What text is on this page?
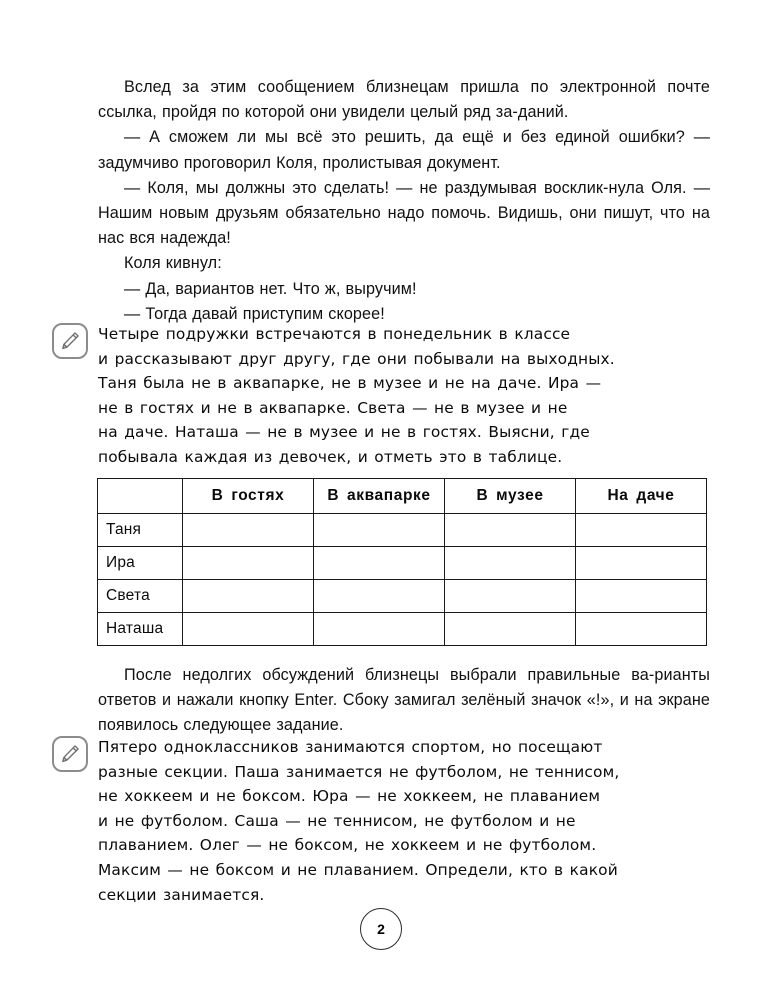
Вслед за этим сообщением близнецам пришла по электронной почте ссылка, пройдя по которой они увидели целый ряд за-даний.

— А сможем ли мы всё это решить, да ещё и без единой ошибки? — задумчиво проговорил Коля, пролистывая документ.

— Коля, мы должны это сделать! — не раздумывая восклик-нула Оля. — Нашим новым друзьям обязательно надо помочь. Видишь, они пишут, что на нас вся надежда!

Коля кивнул:

— Да, вариантов нет. Что ж, выручим!

— Тогда давай приступим скорее!

Четыре подружки встречаются в понедельник в классе
и рассказывают друг другу, где они побывали на выходных.
Таня была не в аквапарке, не в музее и не на даче. Ира —
не в гостях и не в аквапарке. Света — не в музее и не
на даче. Наташа — не в музее и не в гостях. Выясни, где
побывала каждая из девочек, и отметь это в таблице.
	В гостях	В аквапарке	В музее	На даче
Таня				
Ира				
Света				
Наташа				

После недолгих обсуждений близнецы выбрали правильные ва-рианты ответов и нажали кнопку Enter. Сбоку замигал зелёный значок «!», и на экране появилось следующее задание.

Пятеро одноклассников занимаются спортом, но посещают
разные секции. Паша занимается не футболом, не теннисом,
не хоккеем и не боксом. Юра — не хоккеем, не плаванием
и не футболом. Саша — не теннисом, не футболом и не
плаванием. Олег — не боксом, не хоккеем и не футболом.
Максим — не боксом и не плаванием. Определи, кто в какой
секции занимается.
2
